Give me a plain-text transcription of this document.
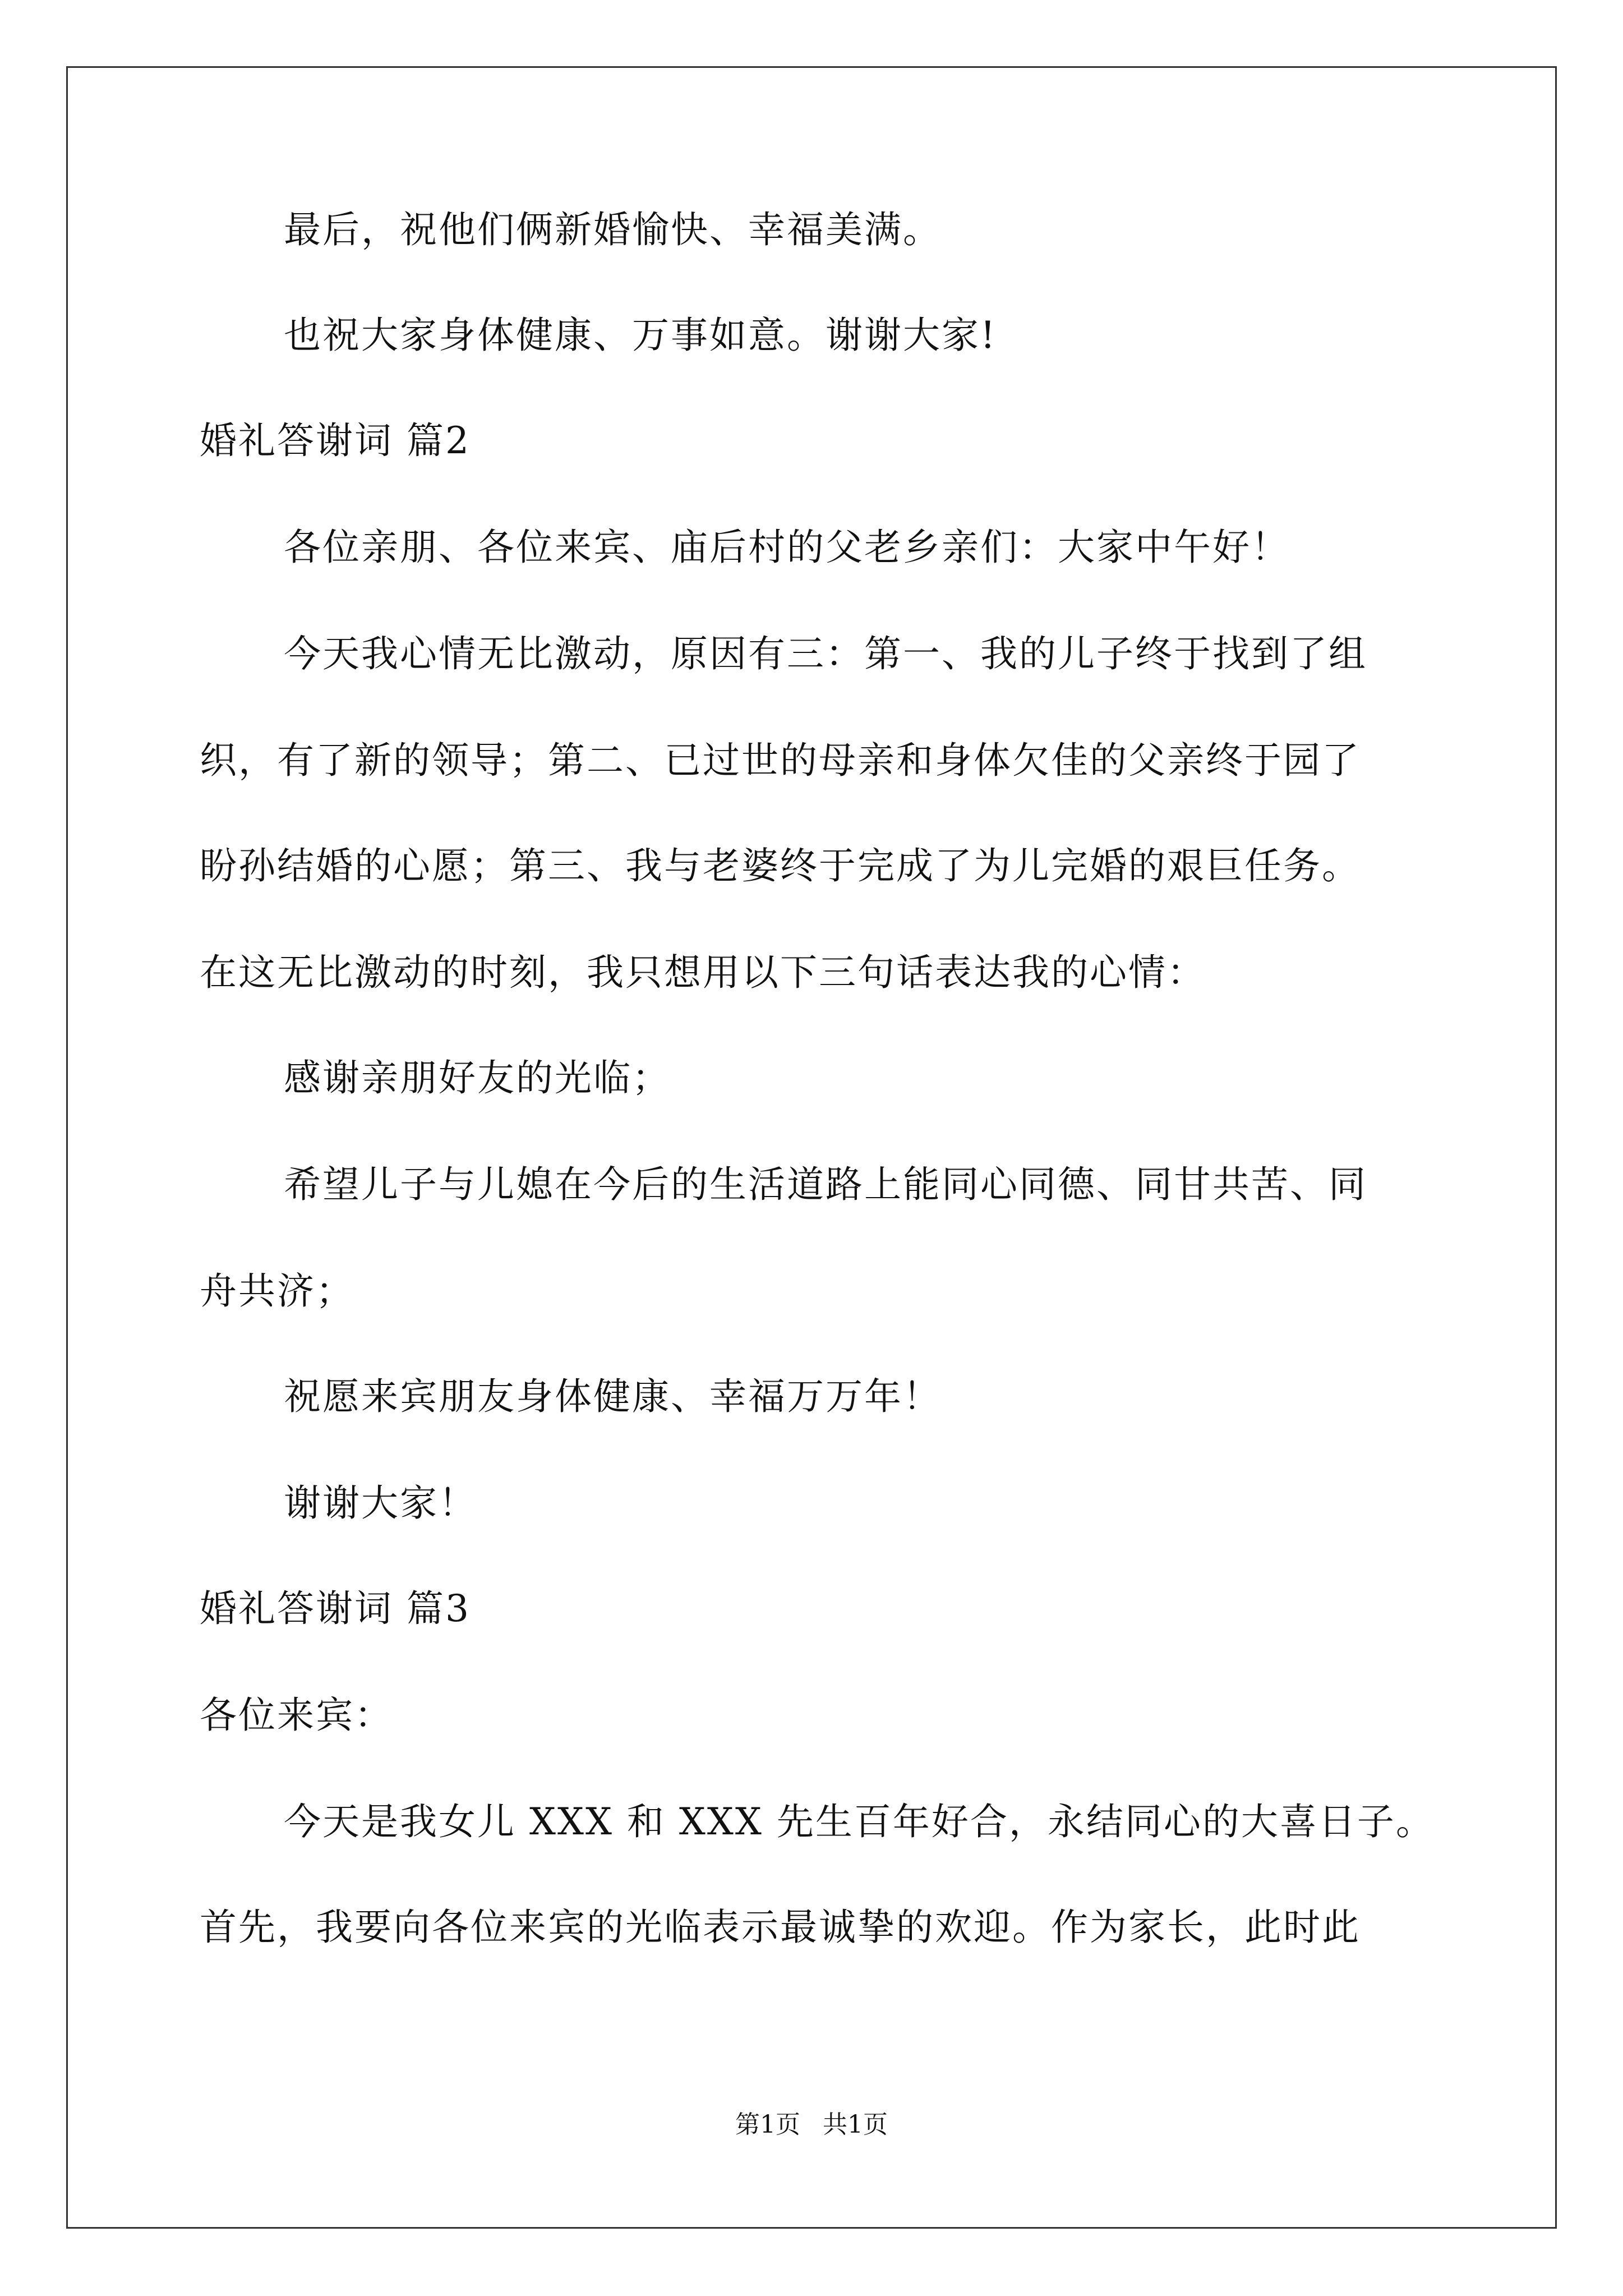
最后，祝他们俩新婚愉快、幸福美满。
也祝大家身体健康、万事如意。谢谢大家!
婚礼答谢词 篇2
各位亲朋、各位来宾、庙后村的父老乡亲们：大家中午好！
今天我心情无比激动，原因有三：第一、我的儿子终于找到了组
织，有了新的领导；第二、已过世的母亲和身体欠佳的父亲终于园了
盼孙结婚的心愿；第三、我与老婆终于完成了为儿完婚的艰巨任务。
在这无比激动的时刻，我只想用以下三句话表达我的心情：
感谢亲朋好友的光临；
希望儿子与儿媳在今后的生活道路上能同心同德、同甘共苦、同
舟共济；
祝愿来宾朋友身体健康、幸福万万年！
谢谢大家！
婚礼答谢词 篇3
各位来宾：
今天是我女儿 XXX 和 XXX 先生百年好合，永结同心的大喜日子。
首先，我要向各位来宾的光临表示最诚挚的欢迎。作为家长，此时此
第1页 共1页
